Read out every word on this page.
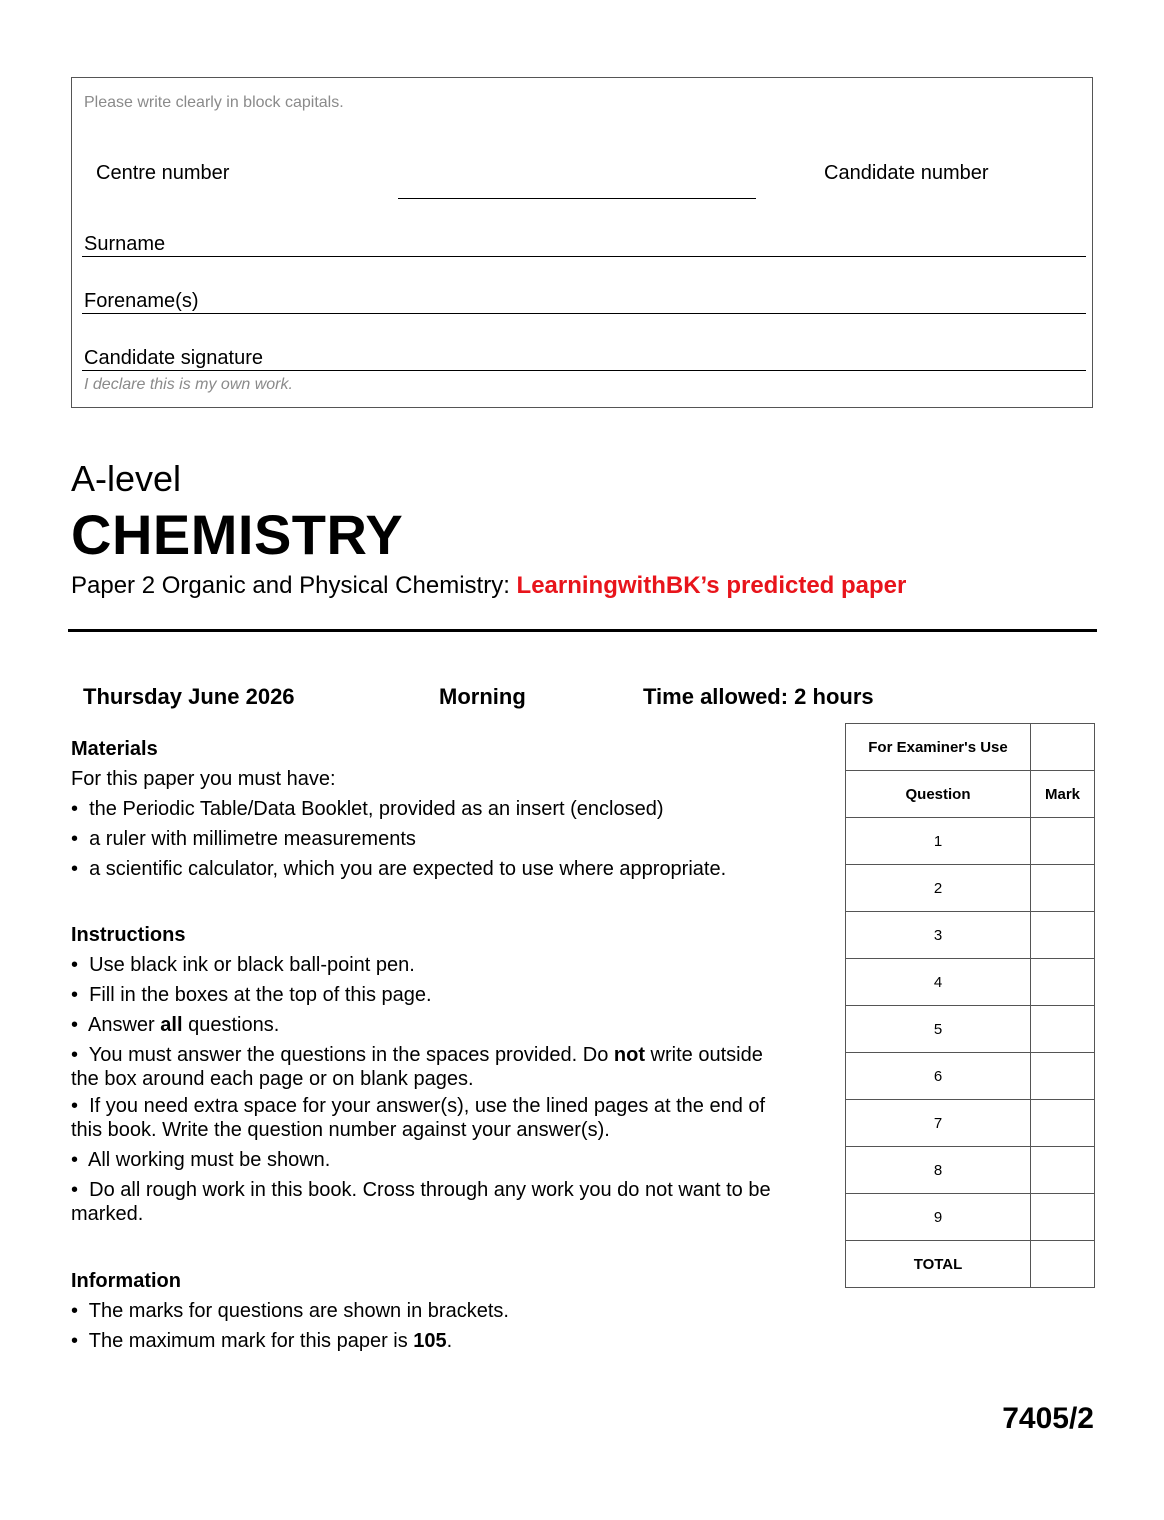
Please write clearly in block capitals.
Centre number	Candidate number
Surname
Forename(s)
Candidate signature
I declare this is my own work.
A-level
CHEMISTRY
Paper 2 Organic and Physical Chemistry: LearningwithBK’s predicted paper
Thursday June 2026	Morning	Time allowed: 2 hours
Materials

For this paper you must have:

•  the Periodic Table/Data Booklet, provided as an insert (enclosed)
•  a ruler with millimetre measurements
•  a scientific calculator, which you are expected to use where appropriate.
Instructions
•  Use black ink or black ball-point pen.
•  Fill in the boxes at the top of this page.
•  Answer all questions.
•  You must answer the questions in the spaces provided. Do not write outside the box around each page or on blank pages.
•  If you need extra space for your answer(s), use the lined pages at the end of this book. Write the question number against your answer(s).
•  All working must be shown.
•  Do all rough work in this book. Cross through any work you do not want to be marked.
Information
•  The marks for questions are shown in brackets.
•  The maximum mark for this paper is 105.
For Examiner's Use	
Question	Mark
1	
2	
3	
4	
5	
6	
7	
8	
9	
TOTAL	
7405/2
